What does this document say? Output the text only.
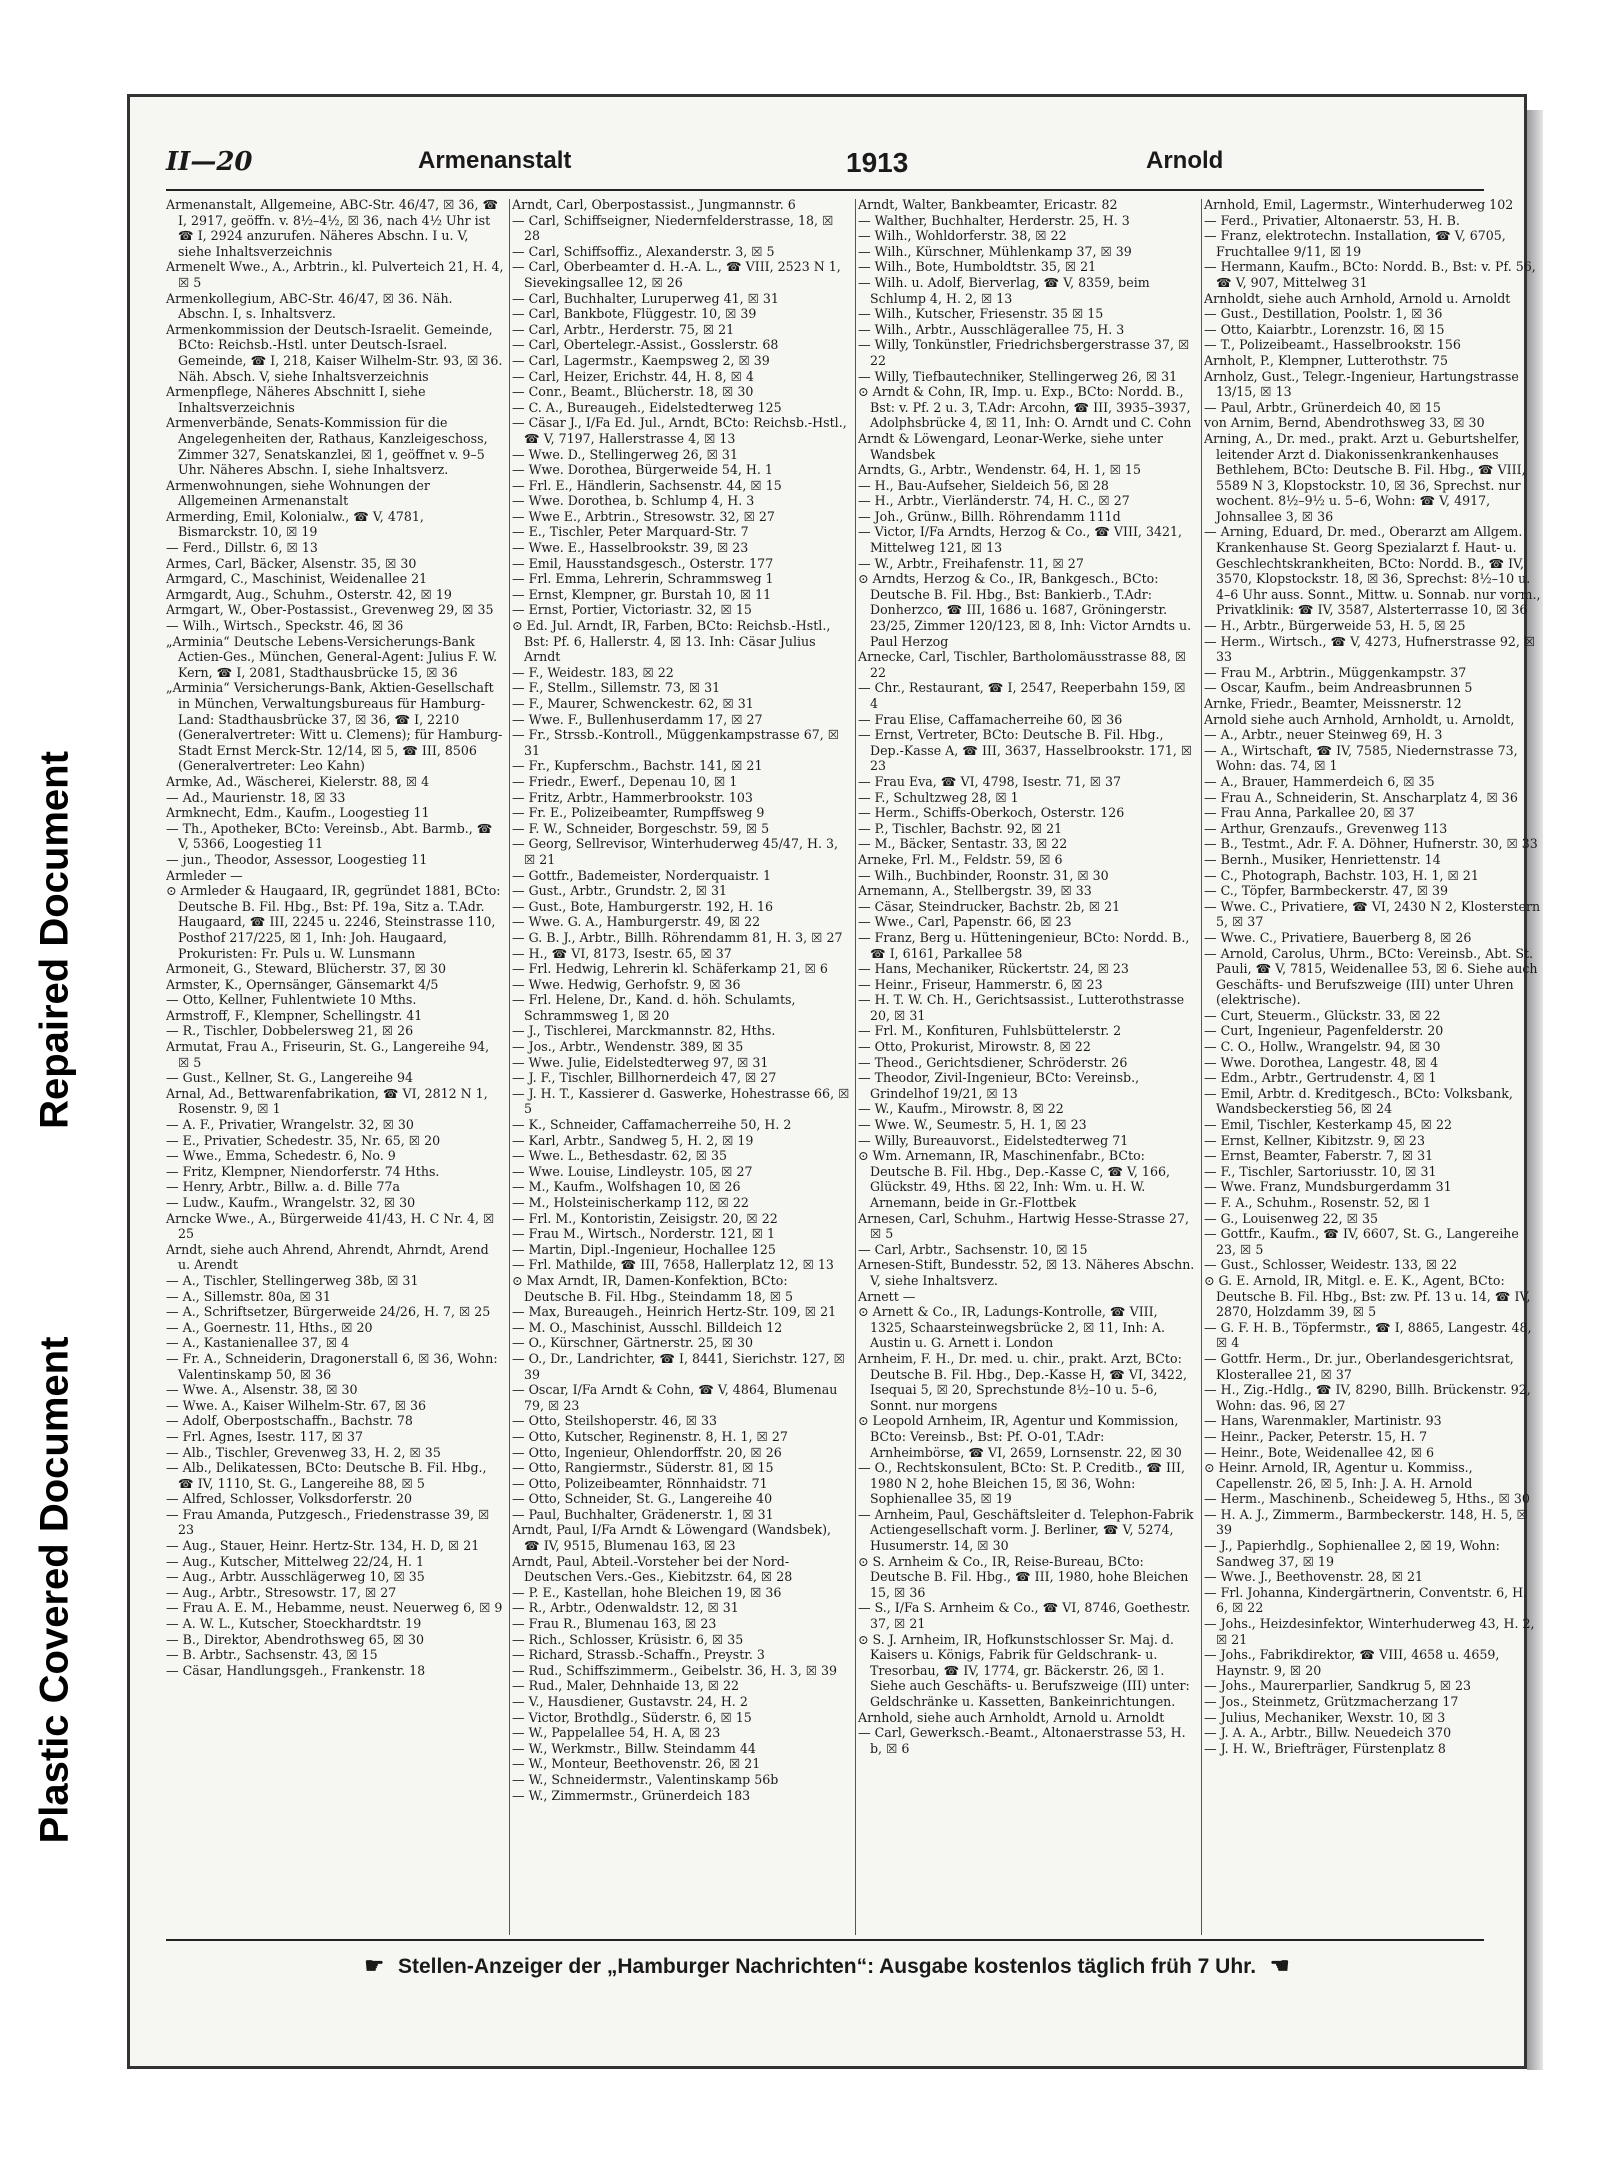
Repaired Document
Plastic Covered Document
II—20	Armenanstalt	1913	Arnold

Armenanstalt, Allgemeine, ABC-Str. 46/47, ☒ 36, ☎ I, 2917, geöffn. v. 8½–4½, ☒ 36, nach 4½ Uhr ist ☎ I, 2924 anzurufen. Näheres Abschn. I u. V, siehe Inhaltsverzeichnis

Armenelt Wwe., A., Arbtrin., kl. Pulverteich 21, H. 4, ☒ 5

Armenkollegium, ABC-Str. 46/47, ☒ 36. Näh. Abschn. I, s. Inhaltsverz.

Armenkommission der Deutsch-Israelit. Gemeinde, BCto: Reichsb.-Hstl. unter Deutsch-Israel. Gemeinde, ☎ I, 218, Kaiser Wilhelm-Str. 93, ☒ 36. Näh. Absch. V, siehe Inhaltsverzeichnis

Armenpflege, Näheres Abschnitt I, siehe Inhaltsverzeichnis

Armenverbände, Senats-Kommission für die Angelegenheiten der, Rathaus, Kanzleigeschoss, Zimmer 327, Senatskanzlei, ☒ 1, geöffnet v. 9–5 Uhr. Näheres Abschn. I, siehe Inhaltsverz.

Armenwohnungen, siehe Wohnungen der Allgemeinen Armenanstalt

Armerding, Emil, Kolonialw., ☎ V, 4781, Bismarckstr. 10, ☒ 19

— Ferd., Dillstr. 6, ☒ 13

Armes, Carl, Bäcker, Alsenstr. 35, ☒ 30

Armgard, C., Maschinist, Weidenallee 21

Armgardt, Aug., Schuhm., Osterstr. 42, ☒ 19

Armgart, W., Ober-Postassist., Grevenweg 29, ☒ 35

— Wilh., Wirtsch., Speckstr. 46, ☒ 36

„Arminia“ Deutsche Lebens-Versicherungs-Bank Actien-Ges., München, General-Agent: Julius F. W. Kern, ☎ I, 2081, Stadthausbrücke 15, ☒ 36

„Arminia“ Versicherungs-Bank, Aktien-Gesellschaft in München, Verwaltungsbureaus für Hamburg-Land: Stadthausbrücke 37, ☒ 36, ☎ I, 2210 (Generalvertreter: Witt u. Clemens); für Hamburg-Stadt Ernst Merck-Str. 12/14, ☒ 5, ☎ III, 8506 (Generalvertreter: Leo Kahn)

Armke, Ad., Wäscherei, Kielerstr. 88, ☒ 4

— Ad., Maurienstr. 18, ☒ 33

Armknecht, Edm., Kaufm., Loogestieg 11

— Th., Apotheker, BCto: Vereinsb., Abt. Barmb., ☎ V, 5366, Loogestieg 11

— jun., Theodor, Assessor, Loogestieg 11

Armleder —

⊙ Armleder & Haugaard, IR, gegründet 1881, BCto: Deutsche B. Fil. Hbg., Bst: Pf. 19a, Sitz a. T.Adr. Haugaard, ☎ III, 2245 u. 2246, Steinstrasse 110, Posthof 217/225, ☒ 1, Inh: Joh. Haugaard, Prokuristen: Fr. Puls u. W. Lunsmann

Armoneit, G., Steward, Blücherstr. 37, ☒ 30

Armster, K., Opernsänger, Gänsemarkt 4/5

— Otto, Kellner, Fuhlentwiete 10 Mths.

Armstroff, F., Klempner, Schellingstr. 41

— R., Tischler, Dobbelersweg 21, ☒ 26

Armutat, Frau A., Friseurin, St. G., Langereihe 94, ☒ 5

— Gust., Kellner, St. G., Langereihe 94

Arnal, Ad., Bettwarenfabrikation, ☎ VI, 2812 N 1, Rosenstr. 9, ☒ 1

— A. F., Privatier, Wrangelstr. 32, ☒ 30

— E., Privatier, Schedestr. 35, Nr. 65, ☒ 20

— Wwe., Emma, Schedestr. 6, No. 9

— Fritz, Klempner, Niendorferstr. 74 Hths.

— Henry, Arbtr., Billw. a. d. Bille 77a

— Ludw., Kaufm., Wrangelstr. 32, ☒ 30

Arncke Wwe., A., Bürgerweide 41/43, H. C Nr. 4, ☒ 25

Arndt, siehe auch Ahrend, Ahrendt, Ahrndt, Arend u. Arendt

— A., Tischler, Stellingerweg 38b, ☒ 31

— A., Sillemstr. 80a, ☒ 31

— A., Schriftsetzer, Bürgerweide 24/26, H. 7, ☒ 25

— A., Goernestr. 11, Hths., ☒ 20

— A., Kastanienallee 37, ☒ 4

— Fr. A., Schneiderin, Dragonerstall 6, ☒ 36, Wohn: Valentinskamp 50, ☒ 36

— Wwe. A., Alsenstr. 38, ☒ 30

— Wwe. A., Kaiser Wilhelm-Str. 67, ☒ 36

— Adolf, Oberpostschaffn., Bachstr. 78

— Frl. Agnes, Isestr. 117, ☒ 37

— Alb., Tischler, Grevenweg 33, H. 2, ☒ 35

— Alb., Delikatessen, BCto: Deutsche B. Fil. Hbg., ☎ IV, 1110, St. G., Langereihe 88, ☒ 5

— Alfred, Schlosser, Volksdorferstr. 20

— Frau Amanda, Putzgesch., Friedenstrasse 39, ☒ 23

— Aug., Stauer, Heinr. Hertz-Str. 134, H. D, ☒ 21

— Aug., Kutscher, Mittelweg 22/24, H. 1

— Aug., Arbtr. Ausschlägerweg 10, ☒ 35

— Aug., Arbtr., Stresowstr. 17, ☒ 27

— Frau A. E. M., Hebamme, neust. Neuerweg 6, ☒ 9

— A. W. L., Kutscher, Stoeckhardtstr. 19

— B., Direktor, Abendrothsweg 65, ☒ 30

— B. Arbtr., Sachsenstr. 43, ☒ 15

— Cäsar, Handlungsgeh., Frankenstr. 18

Arndt, Carl, Oberpostassist., Jungmannstr. 6

— Carl, Schiffseigner, Niedernfelderstrasse, 18, ☒ 28

— Carl, Schiffsoffiz., Alexanderstr. 3, ☒ 5

— Carl, Oberbeamter d. H.-A. L., ☎ VIII, 2523 N 1, Sievekingsallee 12, ☒ 26

— Carl, Buchhalter, Luruperweg 41, ☒ 31

— Carl, Bankbote, Flüggestr. 10, ☒ 39

— Carl, Arbtr., Herderstr. 75, ☒ 21

— Carl, Obertelegr.-Assist., Gosslerstr. 68

— Carl, Lagermstr., Kaempsweg 2, ☒ 39

— Carl, Heizer, Erichstr. 44, H. 8, ☒ 4

— Conr., Beamt., Blücherstr. 18, ☒ 30

— C. A., Bureaugeh., Eidelstedterweg 125

— Cäsar J., I/Fa Ed. Jul., Arndt, BCto: Reichsb.-Hstl., ☎ V, 7197, Hallerstrasse 4, ☒ 13

— Wwe. D., Stellingerweg 26, ☒ 31

— Wwe. Dorothea, Bürgerweide 54, H. 1

— Frl. E., Händlerin, Sachsenstr. 44, ☒ 15

— Wwe. Dorothea, b. Schlump 4, H. 3

— Wwe E., Arbtrin., Stresowstr. 32, ☒ 27

— E., Tischler, Peter Marquard-Str. 7

— Wwe. E., Hasselbrookstr. 39, ☒ 23

— Emil, Hausstandsgesch., Osterstr. 177

— Frl. Emma, Lehrerin, Schrammsweg 1

— Ernst, Klempner, gr. Burstah 10, ☒ 11

— Ernst, Portier, Victoriastr. 32, ☒ 15

⊙ Ed. Jul. Arndt, IR, Farben, BCto: Reichsb.-Hstl., Bst: Pf. 6, Hallerstr. 4, ☒ 13. Inh: Cäsar Julius Arndt

— F., Weidestr. 183, ☒ 22

— F., Stellm., Sillemstr. 73, ☒ 31

— F., Maurer, Schwenckestr. 62, ☒ 31

— Wwe. F., Bullenhuserdamm 17, ☒ 27

— Fr., Strssb.-Kontroll., Müggenkampstrasse 67, ☒ 31

— Fr., Kupferschm., Bachstr. 141, ☒ 21

— Friedr., Ewerf., Depenau 10, ☒ 1

— Fritz, Arbtr., Hammerbrookstr. 103

— Fr. E., Polizeibeamter, Rumpffsweg 9

— F. W., Schneider, Borgeschstr. 59, ☒ 5

— Georg, Sellrevisor, Winterhuderweg 45/47, H. 3, ☒ 21

— Gottfr., Bademeister, Norderquaistr. 1

— Gust., Arbtr., Grundstr. 2, ☒ 31

— Gust., Bote, Hamburgerstr. 192, H. 16

— Wwe. G. A., Hamburgerstr. 49, ☒ 22

— G. B. J., Arbtr., Billh. Röhrendamm 81, H. 3, ☒ 27

— H., ☎ VI, 8173, Isestr. 65, ☒ 37

— Frl. Hedwig, Lehrerin kl. Schäferkamp 21, ☒ 6

— Wwe. Hedwig, Gerhofstr. 9, ☒ 36

— Frl. Helene, Dr., Kand. d. höh. Schulamts, Schrammsweg 1, ☒ 20

— J., Tischlerei, Marckmannstr. 82, Hths.

— Jos., Arbtr., Wendenstr. 389, ☒ 35

— Wwe. Julie, Eidelstedterweg 97, ☒ 31

— J. F., Tischler, Billhornerdeich 47, ☒ 27

— J. H. T., Kassierer d. Gaswerke, Hohestrasse 66, ☒ 5

— K., Schneider, Caffamacherreihe 50, H. 2

— Karl, Arbtr., Sandweg 5, H. 2, ☒ 19

— Wwe. L., Bethesdastr. 62, ☒ 35

— Wwe. Louise, Lindleystr. 105, ☒ 27

— M., Kaufm., Wolfshagen 10, ☒ 26

— M., Holsteinischerkamp 112, ☒ 22

— Frl. M., Kontoristin, Zeisigstr. 20, ☒ 22

— Frau M., Wirtsch., Norderstr. 121, ☒ 1

— Martin, Dipl.-Ingenieur, Hochallee 125

— Frl. Mathilde, ☎ III, 7658, Hallerplatz 12, ☒ 13

⊙ Max Arndt, IR, Damen-Konfektion, BCto: Deutsche B. Fil. Hbg., Steindamm 18, ☒ 5

— Max, Bureaugeh., Heinrich Hertz-Str. 109, ☒ 21

— M. O., Maschinist, Ausschl. Billdeich 12

— O., Kürschner, Gärtnerstr. 25, ☒ 30

— O., Dr., Landrichter, ☎ I, 8441, Sierichstr. 127, ☒ 39

— Oscar, I/Fa Arndt & Cohn, ☎ V, 4864, Blumenau 79, ☒ 23

— Otto, Steilshoperstr. 46, ☒ 33

— Otto, Kutscher, Reginenstr. 8, H. 1, ☒ 27

— Otto, Ingenieur, Ohlendorffstr. 20, ☒ 26

— Otto, Rangiermstr., Süderstr. 81, ☒ 15

— Otto, Polizeibeamter, Rönnhaidstr. 71

— Otto, Schneider, St. G., Langereihe 40

— Paul, Buchhalter, Grädenerstr. 1, ☒ 31

Arndt, Paul, I/Fa Arndt & Löwengard (Wandsbek), ☎ IV, 9515, Blumenau 163, ☒ 23

Arndt, Paul, Abteil.-Vorsteher bei der Nord-Deutschen Vers.-Ges., Kiebitzstr. 64, ☒ 28

— P. E., Kastellan, hohe Bleichen 19, ☒ 36

— R., Arbtr., Odenwaldstr. 12, ☒ 31

— Frau R., Blumenau 163, ☒ 23

— Rich., Schlosser, Krüsistr. 6, ☒ 35

— Richard, Strassb.-Schaffn., Preystr. 3

— Rud., Schiffszimmerm., Geibelstr. 36, H. 3, ☒ 39

— Rud., Maler, Dehnhaide 13, ☒ 22

— V., Hausdiener, Gustavstr. 24, H. 2

— Victor, Brothdlg., Süderstr. 6, ☒ 15

— W., Pappelallee 54, H. A, ☒ 23

— W., Werkmstr., Billw. Steindamm 44

— W., Monteur, Beethovenstr. 26, ☒ 21

— W., Schneidermstr., Valentinskamp 56b

— W., Zimmermstr., Grünerdeich 183

Arndt, Walter, Bankbeamter, Ericastr. 82

— Walther, Buchhalter, Herderstr. 25, H. 3

— Wilh., Wohldorferstr. 38, ☒ 22

— Wilh., Kürschner, Mühlenkamp 37, ☒ 39

— Wilh., Bote, Humboldtstr. 35, ☒ 21

— Wilh. u. Adolf, Bierverlag, ☎ V, 8359, beim Schlump 4, H. 2, ☒ 13

— Wilh., Kutscher, Friesenstr. 35 ☒ 15

— Wilh., Arbtr., Ausschlägerallee 75, H. 3

— Willy, Tonkünstler, Friedrichsbergerstrasse 37, ☒ 22

— Willy, Tiefbautechniker, Stellingerweg 26, ☒ 31

⊙ Arndt & Cohn, IR, Imp. u. Exp., BCto: Nordd. B., Bst: v. Pf. 2 u. 3, T.Adr: Arcohn, ☎ III, 3935–3937, Adolphsbrücke 4, ☒ 11, Inh: O. Arndt und C. Cohn

Arndt & Löwengard, Leonar-Werke, siehe unter Wandsbek

Arndts, G., Arbtr., Wendenstr. 64, H. 1, ☒ 15

— H., Bau-Aufseher, Sieldeich 56, ☒ 28

— H., Arbtr., Vierländerstr. 74, H. C., ☒ 27

— Joh., Grünw., Billh. Röhrendamm 111d

— Victor, I/Fa Arndts, Herzog & Co., ☎ VIII, 3421, Mittelweg 121, ☒ 13

— W., Arbtr., Freihafenstr. 11, ☒ 27

⊙ Arndts, Herzog & Co., IR, Bankgesch., BCto: Deutsche B. Fil. Hbg., Bst: Bankierb., T.Adr: Donherzco, ☎ III, 1686 u. 1687, Gröningerstr. 23/25, Zimmer 120/123, ☒ 8, Inh: Victor Arndts u. Paul Herzog

Arnecke, Carl, Tischler, Bartholomäusstrasse 88, ☒ 22

— Chr., Restaurant, ☎ I, 2547, Reeperbahn 159, ☒ 4

— Frau Elise, Caffamacherreihe 60, ☒ 36

— Ernst, Vertreter, BCto: Deutsche B. Fil. Hbg., Dep.-Kasse A, ☎ III, 3637, Hasselbrookstr. 171, ☒ 23

— Frau Eva, ☎ VI, 4798, Isestr. 71, ☒ 37

— F., Schultzweg 28, ☒ 1

— Herm., Schiffs-Oberkoch, Osterstr. 126

— P., Tischler, Bachstr. 92, ☒ 21

— M., Bäcker, Sentastr. 33, ☒ 22

Arneke, Frl. M., Feldstr. 59, ☒ 6

— Wilh., Buchbinder, Roonstr. 31, ☒ 30

Arnemann, A., Stellbergstr. 39, ☒ 33

— Cäsar, Steindrucker, Bachstr. 2b, ☒ 21

— Wwe., Carl, Papenstr. 66, ☒ 23

— Franz, Berg u. Hütteningenieur, BCto: Nordd. B., ☎ I, 6161, Parkallee 58

— Hans, Mechaniker, Rückertstr. 24, ☒ 23

— Heinr., Friseur, Hammerstr. 6, ☒ 23

— H. T. W. Ch. H., Gerichtsassist., Lutterothstrasse 20, ☒ 31

— Frl. M., Konfituren, Fuhlsbüttelerstr. 2

— Otto, Prokurist, Mirowstr. 8, ☒ 22

— Theod., Gerichtsdiener, Schröderstr. 26

— Theodor, Zivil-Ingenieur, BCto: Vereinsb., Grindelhof 19/21, ☒ 13

— W., Kaufm., Mirowstr. 8, ☒ 22

— Wwe. W., Seumestr. 5, H. 1, ☒ 23

— Willy, Bureauvorst., Eidelstedterweg 71

⊙ Wm. Arnemann, IR, Maschinenfabr., BCto: Deutsche B. Fil. Hbg., Dep.-Kasse C, ☎ V, 166, Glückstr. 49, Hths. ☒ 22, Inh: Wm. u. H. W. Arnemann, beide in Gr.-Flottbek

Arnesen, Carl, Schuhm., Hartwig Hesse-Strasse 27, ☒ 5

— Carl, Arbtr., Sachsenstr. 10, ☒ 15

Arnesen-Stift, Bundesstr. 52, ☒ 13. Näheres Abschn. V, siehe Inhaltsverz.

Arnett —

⊙ Arnett & Co., IR, Ladungs-Kontrolle, ☎ VIII, 1325, Schaarsteinwegsbrücke 2, ☒ 11, Inh: A. Austin u. G. Arnett i. London

Arnheim, F. H., Dr. med. u. chir., prakt. Arzt, BCto: Deutsche B. Fil. Hbg., Dep.-Kasse H, ☎ VI, 3422, Isequai 5, ☒ 20, Sprechstunde 8½–10 u. 5–6, Sonnt. nur morgens

⊙ Leopold Arnheim, IR, Agentur und Kommission, BCto: Vereinsb., Bst: Pf. O-01, T.Adr: Arnheimbörse, ☎ VI, 2659, Lornsenstr. 22, ☒ 30

— O., Rechtskonsulent, BCto: St. P. Creditb., ☎ III, 1980 N 2, hohe Bleichen 15, ☒ 36, Wohn: Sophienallee 35, ☒ 19

— Arnheim, Paul, Geschäftsleiter d. Telephon-Fabrik Actiengesellschaft vorm. J. Berliner, ☎ V, 5274, Husumerstr. 14, ☒ 30

⊙ S. Arnheim & Co., IR, Reise-Bureau, BCto: Deutsche B. Fil. Hbg., ☎ III, 1980, hohe Bleichen 15, ☒ 36

— S., I/Fa S. Arnheim & Co., ☎ VI, 8746, Goethestr. 37, ☒ 21

⊙ S. J. Arnheim, IR, Hofkunstschlosser Sr. Maj. d. Kaisers u. Königs, Fabrik für Geldschrank- u. Tresorbau, ☎ IV, 1774, gr. Bäckerstr. 26, ☒ 1. Siehe auch Geschäfts- u. Berufszweige (III) unter: Geldschränke u. Kassetten, Bankeinrichtungen.

Arnhold, siehe auch Arnholdt, Arnold u. Arnoldt

— Carl, Gewerksch.-Beamt., Altonaerstrasse 53, H. b, ☒ 6

Arnhold, Emil, Lagermstr., Winterhuderweg 102

— Ferd., Privatier, Altonaerstr. 53, H. B.

— Franz, elektrotechn. Installation, ☎ V, 6705, Fruchtallee 9/11, ☒ 19

— Hermann, Kaufm., BCto: Nordd. B., Bst: v. Pf. 56, ☎ V, 907, Mittelweg 31

Arnholdt, siehe auch Arnhold, Arnold u. Arnoldt

— Gust., Destillation, Poolstr. 1, ☒ 36

— Otto, Kaiarbtr., Lorenzstr. 16, ☒ 15

— T., Polizeibeamt., Hasselbrookstr. 156

Arnholt, P., Klempner, Lutterothstr. 75

Arnholz, Gust., Telegr.-Ingenieur, Hartungstrasse 13/15, ☒ 13

— Paul, Arbtr., Grünerdeich 40, ☒ 15

von Arnim, Bernd, Abendrothsweg 33, ☒ 30

Arning, A., Dr. med., prakt. Arzt u. Geburtshelfer, leitender Arzt d. Diakonissenkrankenhauses Bethlehem, BCto: Deutsche B. Fil. Hbg., ☎ VIII, 5589 N 3, Klopstockstr. 10, ☒ 36, Sprechst. nur wochent. 8½–9½ u. 5–6, Wohn: ☎ V, 4917, Johnsallee 3, ☒ 36

— Arning, Eduard, Dr. med., Oberarzt am Allgem. Krankenhause St. Georg Spezialarzt f. Haut- u. Geschlechtskrankheiten, BCto: Nordd. B., ☎ IV, 3570, Klopstockstr. 18, ☒ 36, Sprechst: 8½–10 u. 4–6 Uhr auss. Sonnt., Mittw. u. Sonnab. nur vorm., Privatklinik: ☎ IV, 3587, Alsterterrasse 10, ☒ 36

— H., Arbtr., Bürgerweide 53, H. 5, ☒ 25

— Herm., Wirtsch., ☎ V, 4273, Hufnerstrasse 92, ☒ 33

— Frau M., Arbtrin., Müggenkampstr. 37

— Oscar, Kaufm., beim Andreasbrunnen 5

Arnke, Friedr., Beamter, Meissnerstr. 12

Arnold siehe auch Arnhold, Arnholdt, u. Arnoldt,

— A., Arbtr., neuer Steinweg 69, H. 3

— A., Wirtschaft, ☎ IV, 7585, Niedernstrasse 73, Wohn: das. 74, ☒ 1

— A., Brauer, Hammerdeich 6, ☒ 35

— Frau A., Schneiderin, St. Anscharplatz 4, ☒ 36

— Frau Anna, Parkallee 20, ☒ 37

— Arthur, Grenzaufs., Grevenweg 113

— B., Testmt., Adr. F. A. Döhner, Hufnerstr. 30, ☒ 33

— Bernh., Musiker, Henriettenstr. 14

— C., Photograph, Bachstr. 103, H. 1, ☒ 21

— C., Töpfer, Barmbeckerstr. 47, ☒ 39

— Wwe. C., Privatiere, ☎ VI, 2430 N 2, Klosterstern 5, ☒ 37

— Wwe. C., Privatiere, Bauerberg 8, ☒ 26

— Arnold, Carolus, Uhrm., BCto: Vereinsb., Abt. St. Pauli, ☎ V, 7815, Weidenallee 53, ☒ 6. Siehe auch Geschäfts- und Berufszweige (III) unter Uhren (elektrische).

— Curt, Steuerm., Glückstr. 33, ☒ 22

— Curt, Ingenieur, Pagenfelderstr. 20

— C. O., Hollw., Wrangelstr. 94, ☒ 30

— Wwe. Dorothea, Langestr. 48, ☒ 4

— Edm., Arbtr., Gertrudenstr. 4, ☒ 1

— Emil, Arbtr. d. Kreditgesch., BCto: Volksbank, Wandsbeckerstieg 56, ☒ 24

— Emil, Tischler, Kesterkamp 45, ☒ 22

— Ernst, Kellner, Kibitzstr. 9, ☒ 23

— Ernst, Beamter, Faberstr. 7, ☒ 31

— F., Tischler, Sartoriusstr. 10, ☒ 31

— Wwe. Franz, Mundsburgerdamm 31

— F. A., Schuhm., Rosenstr. 52, ☒ 1

— G., Louisenweg 22, ☒ 35

— Gottfr., Kaufm., ☎ IV, 6607, St. G., Langereihe 23, ☒ 5

— Gust., Schlosser, Weidestr. 133, ☒ 22

⊙ G. E. Arnold, IR, Mitgl. e. E. K., Agent, BCto: Deutsche B. Fil. Hbg., Bst: zw. Pf. 13 u. 14, ☎ IV, 2870, Holzdamm 39, ☒ 5

— G. F. H. B., Töpfermstr., ☎ I, 8865, Langestr. 48, ☒ 4

— Gottfr. Herm., Dr. jur., Oberlandesgerichtsrat, Klosterallee 21, ☒ 37

— H., Zig.-Hdlg., ☎ IV, 8290, Billh. Brückenstr. 92, Wohn: das. 96, ☒ 27

— Hans, Warenmakler, Martinistr. 93

— Heinr., Packer, Peterstr. 15, H. 7

— Heinr., Bote, Weidenallee 42, ☒ 6

⊙ Heinr. Arnold, IR, Agentur u. Kommiss., Capellenstr. 26, ☒ 5, Inh: J. A. H. Arnold

— Herm., Maschinenb., Scheideweg 5, Hths., ☒ 30

— H. A. J., Zimmerm., Barmbeckerstr. 148, H. 5, ☒ 39

— J., Papierhdlg., Sophienallee 2, ☒ 19, Wohn: Sandweg 37, ☒ 19

— Wwe. J., Beethovenstr. 28, ☒ 21

— Frl. Johanna, Kindergärtnerin, Conventstr. 6, H. 6, ☒ 22

— Johs., Heizdesinfektor, Winterhuderweg 43, H. 2, ☒ 21

— Johs., Fabrikdirektor, ☎ VIII, 4658 u. 4659, Haynstr. 9, ☒ 20

— Johs., Maurerparlier, Sandkrug 5, ☒ 23

— Jos., Steinmetz, Grützmacherzang 17

— Julius, Mechaniker, Wexstr. 10, ☒ 3

— J. A. A., Arbtr., Billw. Neuedeich 370

— J. H. W., Briefträger, Fürstenplatz 8

☛ Stellen-Anzeiger der „Hamburger Nachrichten“: Ausgabe kostenlos täglich früh 7 Uhr. ☚
